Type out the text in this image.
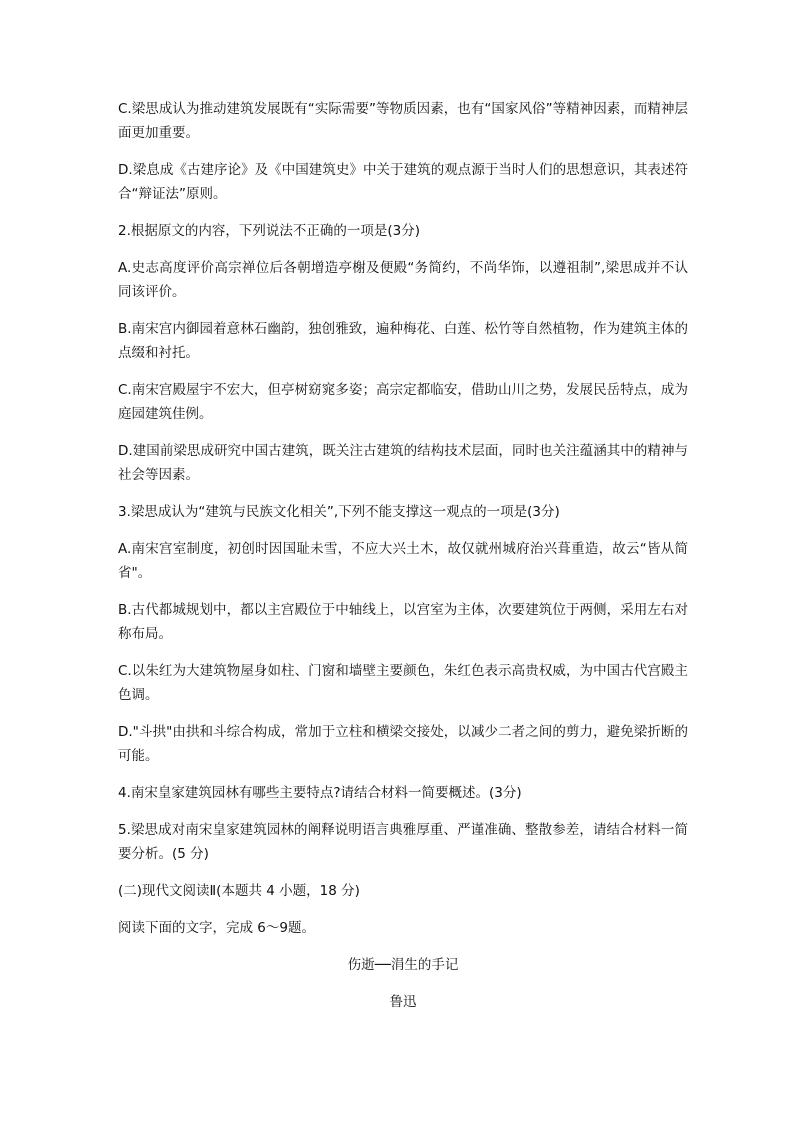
C.梁思成认为推动建筑发展既有“实际需要”等物质因素，也有“国家风俗”等精神因素，而精神层面更加重要。

D.梁息成《古建序论》及《中国建筑史》中关于建筑的观点源于当时人们的思想意识，其表述符合“辩证法”原则。

2.根据原文的内容，下列说法不正确的一项是(3分)

A.史志高度评价高宗禅位后各朝增造亭榭及便殿“务简约，不尚华饰，以遵祖制”,梁思成并不认同该评价。

B.南宋宫内御园着意林石幽韵，独创雅致，遍种梅花、白莲、松竹等自然植物，作为建筑主体的点缀和衬托。

C.南宋宫殿屋宇不宏大，但亭树窈窕多姿；高宗定都临安，借助山川之势，发展民岳特点，成为庭园建筑佳例。

D.建国前梁思成研究中国古建筑，既关注古建筑的结构技术层面，同时也关注蕴涵其中的精神与社会等因素。

3.梁思成认为“建筑与民族文化相关”,下列不能支撑这一观点的一项是(3分)

A.南宋宫室制度，初创时因国耻未雪，不应大兴土木，故仅就州城府治兴葺重造，故云“皆从简省"。

B.古代都城规划中，都以主宫殿位于中轴线上，以宫室为主体，次要建筑位于两侧，采用左右对称布局。

C.以朱红为大建筑物屋身如柱、门窗和墙壁主要颜色，朱红色表示高贵权威，为中国古代宫殿主色调。

D."斗拱"由拱和斗综合构成，常加于立柱和横梁交接处，以减少二者之间的剪力，避免梁折断的可能。

4.南宋皇家建筑园林有哪些主要特点?请结合材料一简要概述。(3分)

5.梁思成对南宋皇家建筑园林的阐释说明语言典雅厚重、严谨准确、整散参差，请结合材料一简要分析。(5 分)

(二)现代文阅读Ⅱ(本题共 4 小题，18 分)

阅读下面的文字，完成 6～9题。

伤逝──涓生的手记

鲁迅
